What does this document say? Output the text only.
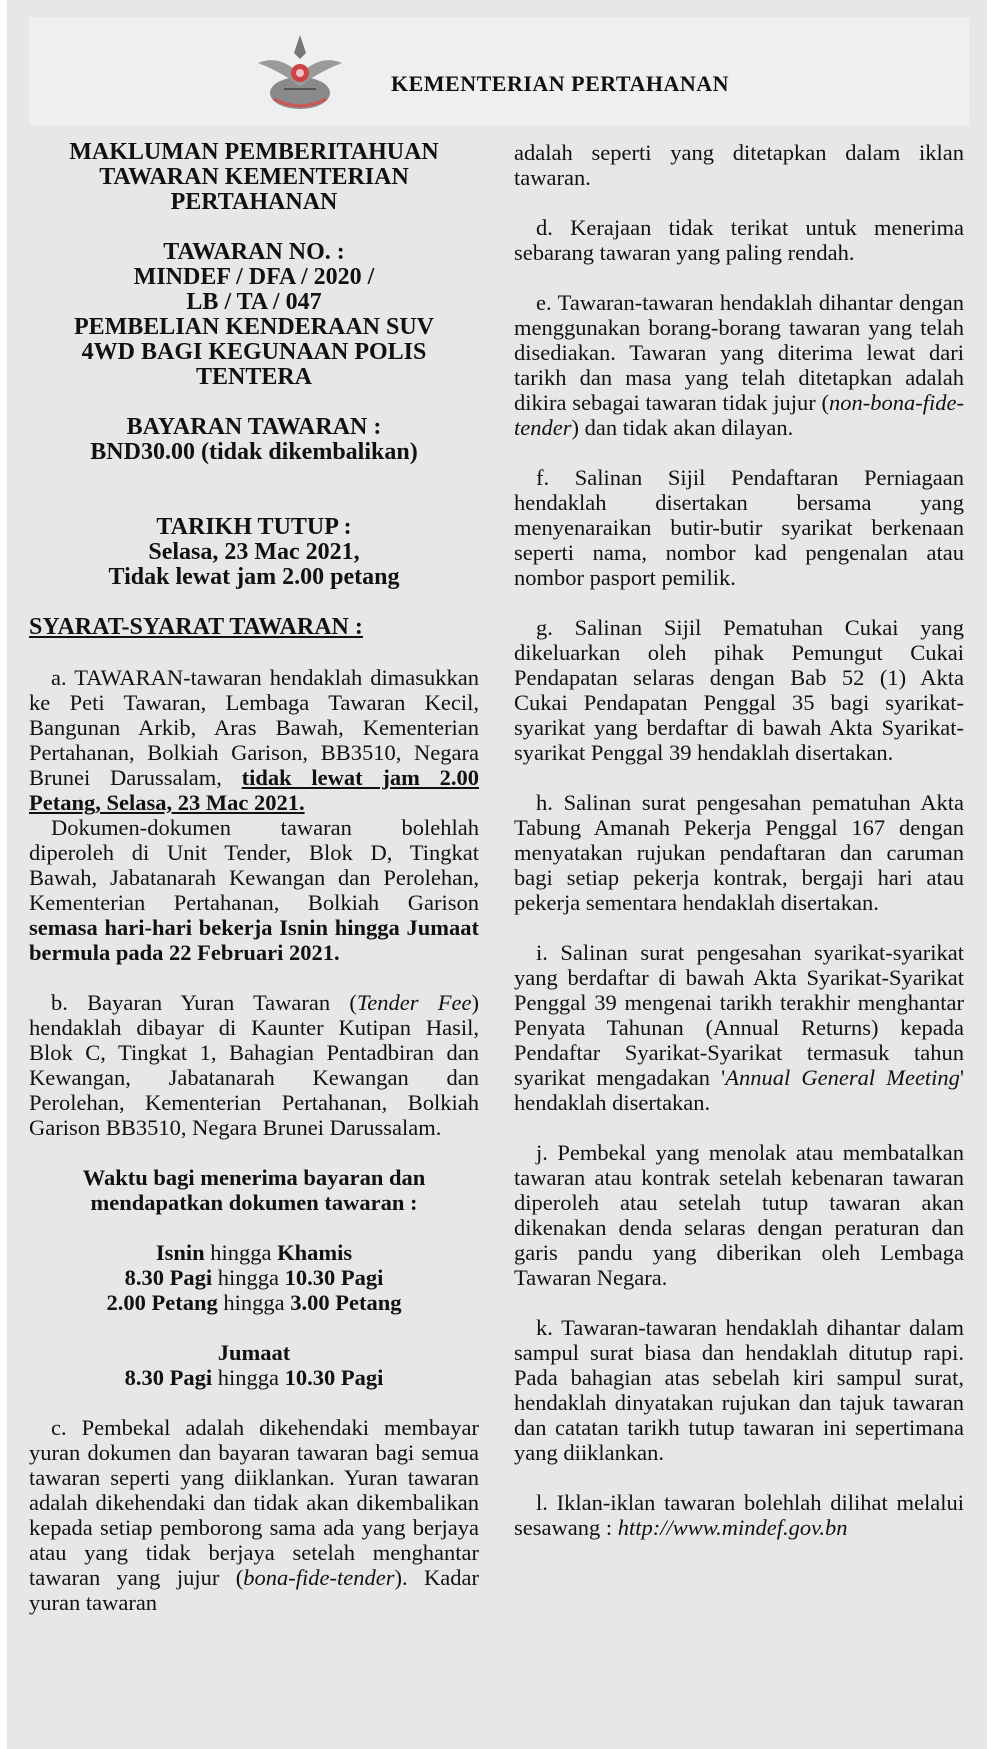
KEMENTERIAN PERTAHANAN
MAKLUMAN PEMBERITAHUAN
TAWARAN KEMENTERIAN
PERTAHANAN
TAWARAN NO. :
MINDEF / DFA / 2020 /
LB / TA / 047
PEMBELIAN KENDERAAN SUV
4WD BAGI KEGUNAAN POLIS
TENTERA
BAYARAN TAWARAN :
BND30.00 (tidak dikembalikan)
TARIKH TUTUP :
Selasa, 23 Mac 2021,
Tidak lewat jam 2.00 petang
SYARAT-SYARAT TAWARAN :

a. TAWARAN-tawaran hendaklah dimasukkan ke Peti Tawaran, Lembaga Tawaran Kecil, Bangunan Arkib, Aras Bawah, Kementerian Pertahanan, Bolkiah Garison, BB3510, Negara Brunei Darussalam, tidak lewat jam 2.00 Petang, Selasa, 23 Mac 2021.

Dokumen-dokumen tawaran bolehlah diperoleh di Unit Tender, Blok D, Tingkat Bawah, Jabatanarah Kewangan dan Perolehan, Kementerian Pertahanan, Bolkiah Garison semasa hari-hari bekerja Isnin hingga Jumaat bermula pada 22 Februari 2021.

b. Bayaran Yuran Tawaran (Tender Fee) hendaklah dibayar di Kaunter Kutipan Hasil, Blok C, Tingkat 1, Bahagian Pentadbiran dan Kewangan, Jabatanarah Kewangan dan Perolehan, Kementerian Pertahanan, Bolkiah Garison BB3510, Negara Brunei Darussalam.

Waktu bagi menerima bayaran dan
mendapatkan dokumen tawaran :
Isnin hingga Khamis
8.30 Pagi hingga 10.30 Pagi
2.00 Petang hingga 3.00 Petang
Jumaat
8.30 Pagi hingga 10.30 Pagi

c. Pembekal adalah dikehendaki membayar yuran dokumen dan bayaran tawaran bagi semua tawaran seperti yang diiklankan. Yuran tawaran adalah dikehendaki dan tidak akan dikembalikan kepada setiap pemborong sama ada yang berjaya atau yang tidak berjaya setelah menghantar tawaran yang jujur (bona-fide-tender). Kadar yuran tawaran

adalah seperti yang ditetapkan dalam iklan tawaran.

d. Kerajaan tidak terikat untuk menerima sebarang tawaran yang paling rendah.

e. Tawaran-tawaran hendaklah dihantar dengan menggunakan borang-borang tawaran yang telah disediakan. Tawaran yang diterima lewat dari tarikh dan masa yang telah ditetapkan adalah dikira sebagai tawaran tidak jujur (non-bona-fide-tender) dan tidak akan dilayan.

f. Salinan Sijil Pendaftaran Perniagaan hendaklah disertakan bersama yang menyenaraikan butir-butir syarikat berkenaan seperti nama, nombor kad pengenalan atau nombor pasport pemilik.

g. Salinan Sijil Pematuhan Cukai yang dikeluarkan oleh pihak Pemungut Cukai Pendapatan selaras dengan Bab 52 (1) Akta Cukai Pendapatan Penggal 35 bagi syarikat-syarikat yang berdaftar di bawah Akta Syarikat-syarikat Penggal 39 hendaklah disertakan.

h. Salinan surat pengesahan pematuhan Akta Tabung Amanah Pekerja Penggal 167 dengan menyatakan rujukan pendaftaran dan caruman bagi setiap pekerja kontrak, bergaji hari atau pekerja sementara hendaklah disertakan.

i. Salinan surat pengesahan syarikat-syarikat yang berdaftar di bawah Akta Syarikat-Syarikat Penggal 39 mengenai tarikh terakhir menghantar Penyata Tahunan (Annual Returns) kepada Pendaftar Syarikat-Syarikat termasuk tahun syarikat mengadakan 'Annual General Meeting' hendaklah disertakan.

j. Pembekal yang menolak atau membatalkan tawaran atau kontrak setelah kebenaran tawaran diperoleh atau setelah tutup tawaran akan dikenakan denda selaras dengan peraturan dan garis pandu yang diberikan oleh Lembaga Tawaran Negara.

k. Tawaran-tawaran hendaklah dihantar dalam sampul surat biasa dan hendaklah ditutup rapi. Pada bahagian atas sebelah kiri sampul surat, hendaklah dinyatakan rujukan dan tajuk tawaran dan catatan tarikh tutup tawaran ini sepertimana yang diiklankan.

l. Iklan-iklan tawaran bolehlah dilihat melalui sesawang : http://www.mindef.gov.bn
